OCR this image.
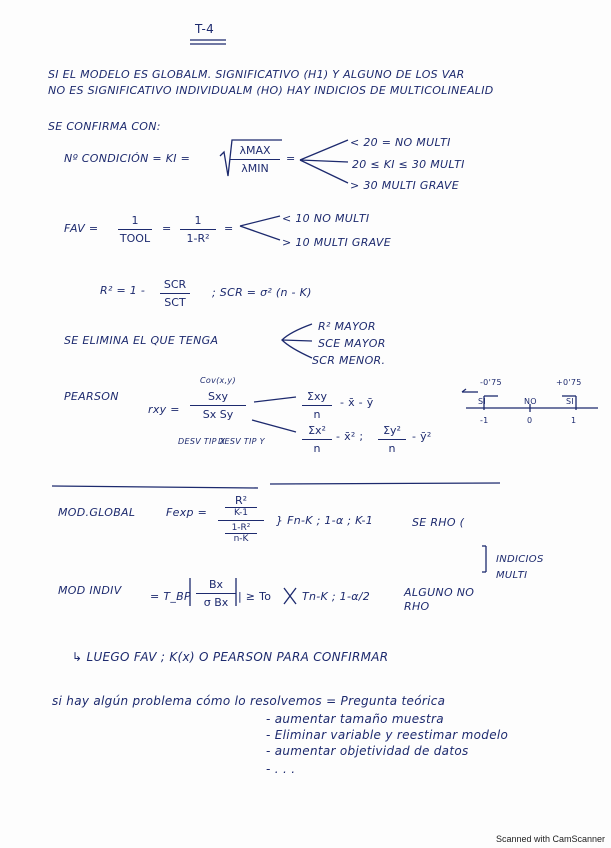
T-4
SI EL MODELO ES GLOBALM. SIGNIFICATIVO (H1) Y ALGUNO DE LOS VAR
NO ES SIGNIFICATIVO INDIVIDUALM (HO) HAY INDICIOS DE MULTICOLINEALID
SE CONFIRMA CON:
Nº CONDICIÓN = KI =
λMAX
λMIN
=
< 20 = NO MULTI
20 ≤ KI ≤ 30 MULTI
> 30 MULTI GRAVE
FAV =
1
TOOL
=
1
1-R²
=
< 10 NO MULTI
> 10 MULTI GRAVE
R² = 1 - SCR
SCT
; SCR = σ² (n - K)
SE ELIMINA EL QUE TENGA
R² MAYOR
SCE MAYOR
SCR MENOR.
PEARSON
rxy =
Cov(x,y)
Sxy
Sx Sy
DESV TIP X
DESV TIP Y
Σxy
n
- x̄ - ȳ
Σx²
n
- x̄² ; Σy²
n
- ȳ²
-0'75	+0'75
SI	NO	SI
-1	0	1
MOD.GLOBAL	Fexp =
R²
K-1
1-R²
n-K
} Fn-K ; 1-α ; K-1	SE RHO (
INDICIOS MULTI
MOD INDIV	= T_BP
Bx
σ Bx | ≥ To	Tn-K ; 1-α/2	ALGUNO NO RHO
↳ LUEGO FAV ; K(x) O PEARSON PARA CONFIRMAR
si hay algún problema cómo lo resolvemos = Pregunta teórica
- aumentar tamaño muestra
- Eliminar variable y reestimar modelo
- aumentar objetividad de datos
- . . .
Scanned with CamScanner
